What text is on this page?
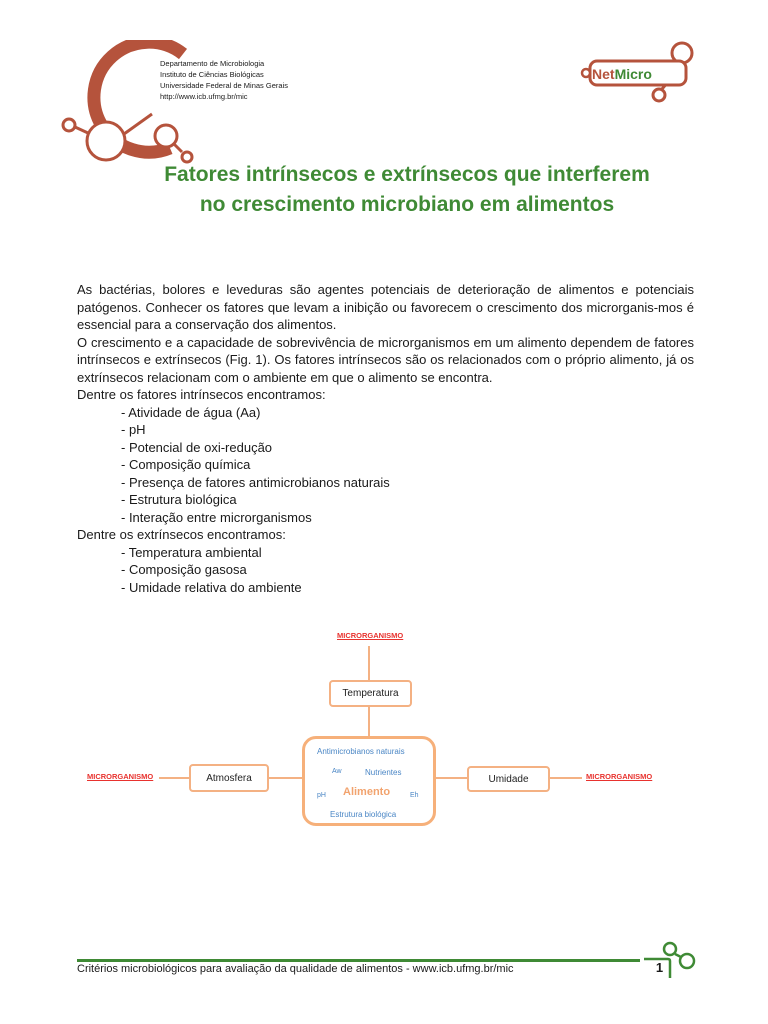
Departamento de Microbiologia
Instituto de Ciências Biológicas
Universidade Federal de Minas Gerais
http://www.icb.ufmg.br/mic
NetMicro
Fatores intrínsecos e extrínsecos que interferem
no crescimento microbiano em alimentos

As bactérias, bolores e leveduras são agentes potenciais de deterioração de alimentos e potenciais patógenos. Conhecer os fatores que levam a inibição ou favorecem o crescimento dos microrganis-mos é essencial para a conservação dos alimentos.

O crescimento e a capacidade de sobrevivência de microrganismos em um alimento dependem de fatores intrínsecos e extrínsecos (Fig. 1). Os fatores intrínsecos são os relacionados com o próprio alimento, já os extrínsecos relacionam com o ambiente em que o alimento se encontra.

Dentre os fatores intrínsecos encontramos:

- Atividade de água (Aa)
- pH
- Potencial de oxi-redução
- Composição química
- Presença de fatores antimicrobianos naturais
- Estrutura biológica
- Interação entre microrganismos

Dentre os extrínsecos encontramos:

- Temperatura ambiental
- Composição gasosa
- Umidade relativa do ambiente
MICRORGANISMO
MICRORGANISMO	MICRORGANISMO
Temperatura
Atmosfera	Umidade
Antimicrobianos naturais
Aw	Nutrientes
Alimento
pH	Eh
Estrutura biológica
Critérios microbiológicos para avaliação da qualidade de alimentos - www.icb.ufmg.br/mic	1
